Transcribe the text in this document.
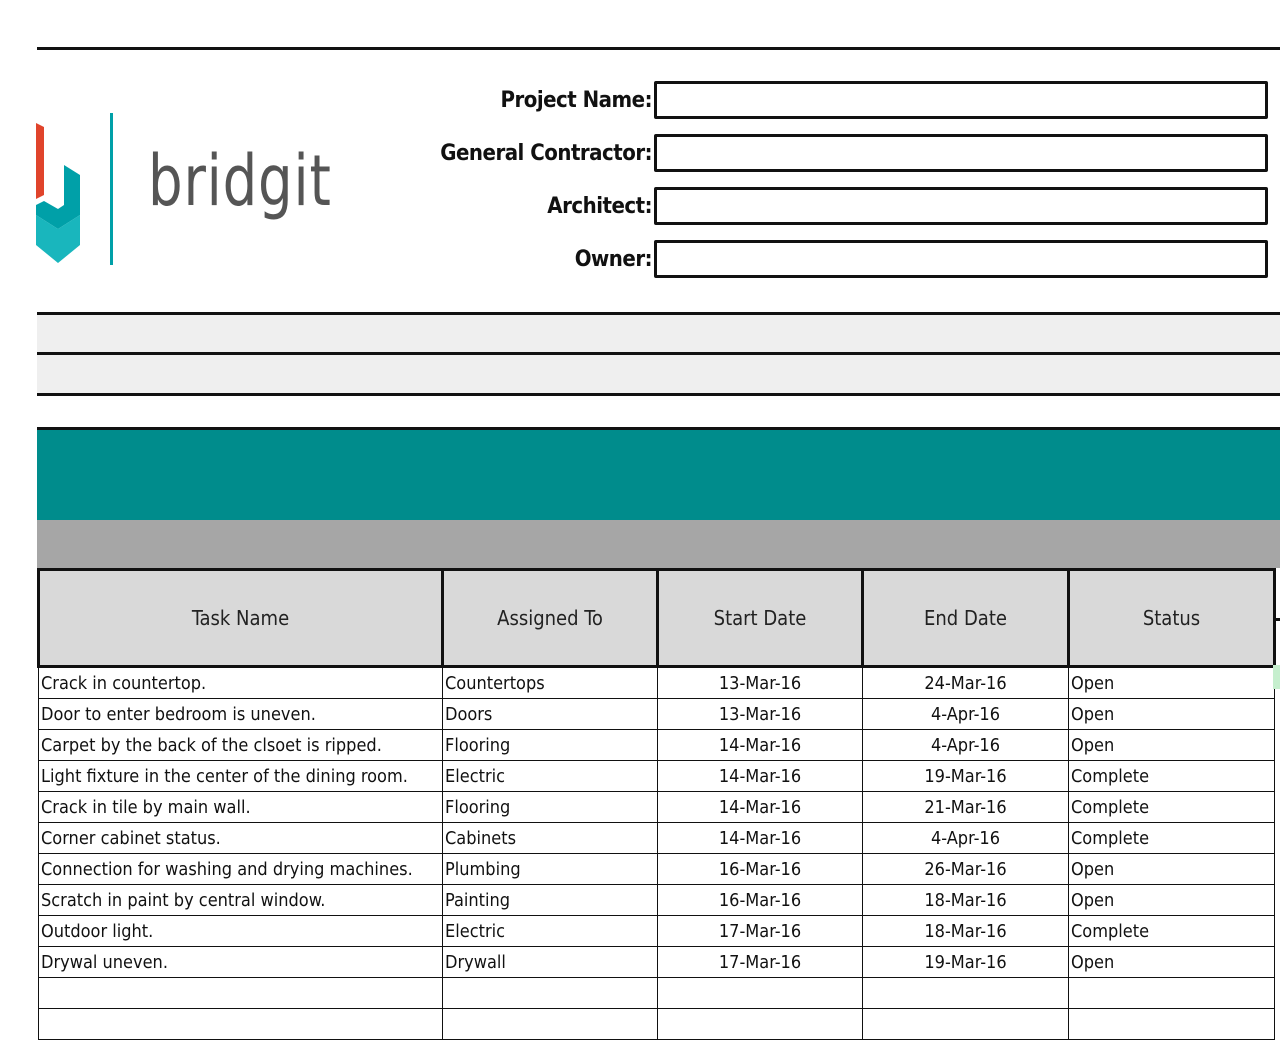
bridgit
Project Name:
General Contractor:
Architect:
Owner:
Task Name	Assigned To	Start Date	End Date	Status
Crack in countertop.	Countertops	13-Mar-16	24-Mar-16	Open
Door to enter bedroom is uneven.	Doors	13-Mar-16	4-Apr-16	Open
Carpet by the back of the clsoet is ripped.	Flooring	14-Mar-16	4-Apr-16	Open
Light fixture in the center of the dining room.	Electric	14-Mar-16	19-Mar-16	Complete
Crack in tile by main wall.	Flooring	14-Mar-16	21-Mar-16	Complete
Corner cabinet status.	Cabinets	14-Mar-16	4-Apr-16	Complete
Connection for washing and drying machines.	Plumbing	16-Mar-16	26-Mar-16	Open
Scratch in paint by central window.	Painting	16-Mar-16	18-Mar-16	Open
Outdoor light.	Electric	17-Mar-16	18-Mar-16	Complete
Drywal uneven.	Drywall	17-Mar-16	19-Mar-16	Open
